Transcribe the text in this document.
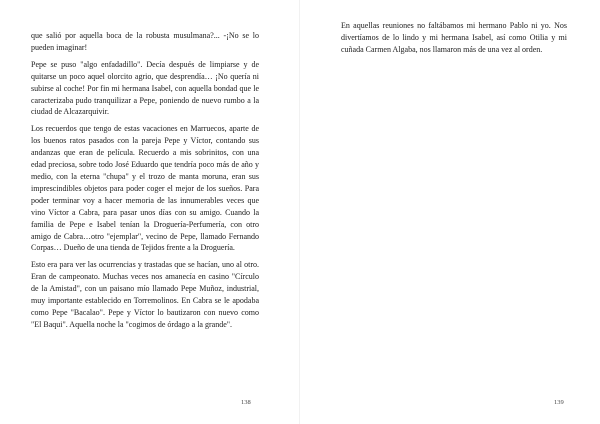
que salió por aquella boca de la robusta musulmana?... -¡No se lo pueden imaginar!

Pepe se puso "algo enfadadillo". Decía después de limpiarse y de quitarse un poco aquel olorcito agrio, que desprendía… ¡No quería ni subirse al coche! Por fin mi hermana Isabel, con aquella bondad que le caracterizaba pudo tranquilizar a Pepe, poniendo de nuevo rumbo a la ciudad de Alcazarquivir.

Los recuerdos que tengo de estas vacaciones en Marruecos, aparte de los buenos ratos pasados con la pareja Pepe y Víctor, contando sus andanzas que eran de película. Recuerdo a mis sobrinitos, con una edad preciosa, sobre todo José Eduardo que tendría poco más de año y medio, con la eterna "chupa" y el trozo de manta moruna, eran sus imprescindibles objetos para poder coger el mejor de los sueños. Para poder terminar voy a hacer memoria de las innumerables veces que vino Víctor a Cabra, para pasar unos días con su amigo. Cuando la familia de Pepe e Isabel tenían la Droguería-Perfumería, con otro amigo de Cabra…otro "ejemplar", vecino de Pepe, llamado Fernando Corpas… Dueño de una tienda de Tejidos frente a la Droguería.

Esto era para ver las ocurrencias y trastadas que se hacían, uno al otro. Eran de campeonato. Muchas veces nos amanecía en casino "Círculo de la Amistad", con un paisano mío llamado Pepe Muñoz, industrial, muy importante establecido en Torremolinos. En Cabra se le apodaba como Pepe "Bacalao". Pepe y Víctor lo bautizaron con nuevo como "El Baqui". Aquella noche la "cogimos de órdago a la grande".

138

En aquellas reuniones no faltábamos mi hermano Pablo ni yo. Nos divertíamos de lo lindo y mi hermana Isabel, así como Otilia y mi cuñada Carmen Algaba, nos llamaron más de una vez al orden.

139
